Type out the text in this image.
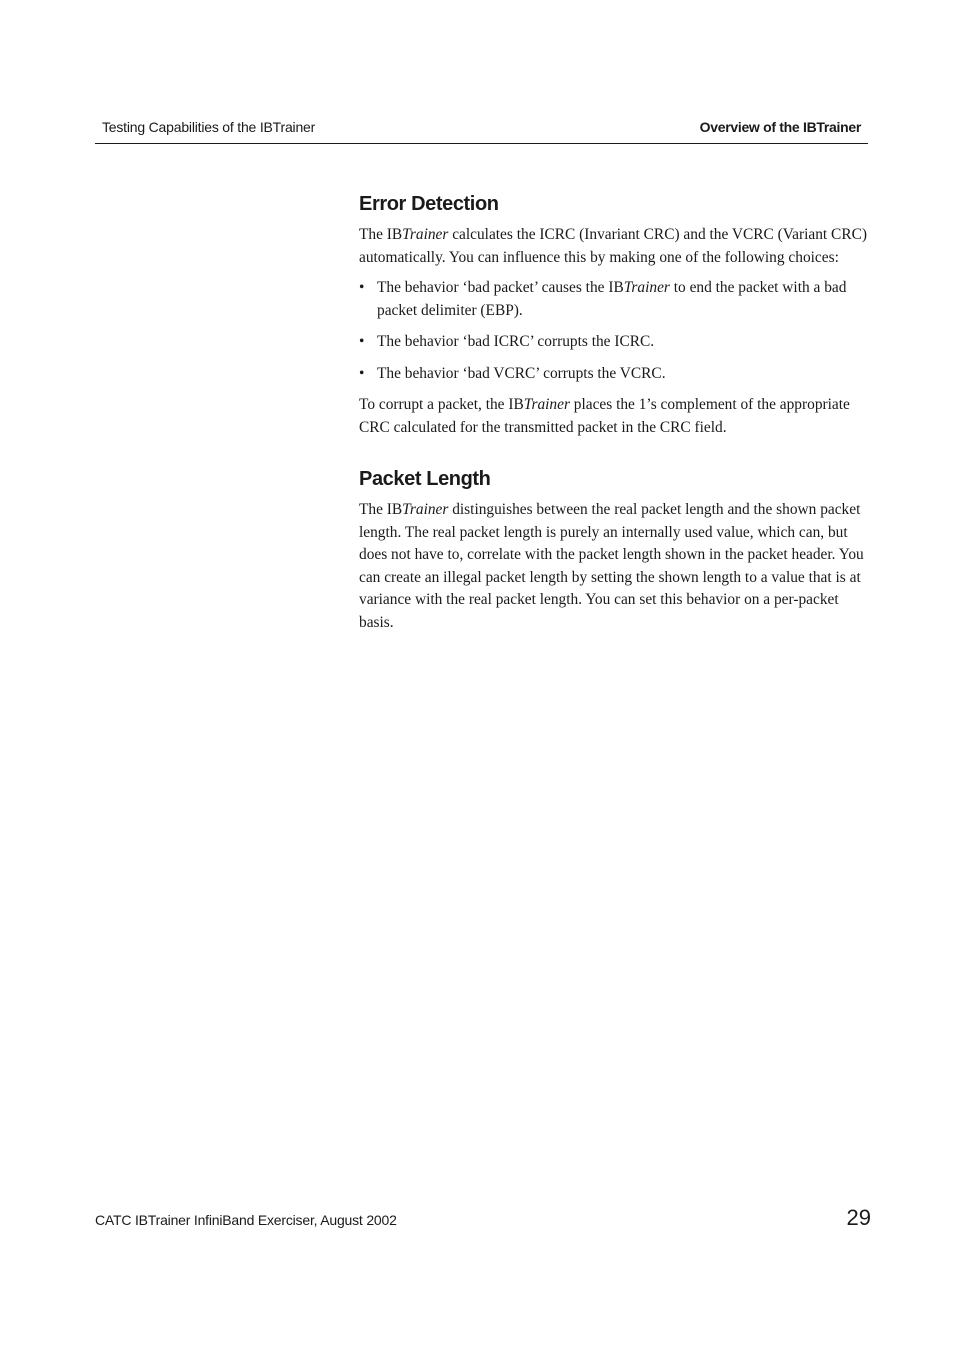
Testing Capabilities of the IBTrainer	Overview of the IBTrainer
Error Detection

The IBTrainer calculates the ICRC (Invariant CRC) and the VCRC (Variant CRC) automatically. You can influence this by making one of the following choices:

• The behavior ‘bad packet’ causes the IBTrainer to end the packet with a bad packet delimiter (EBP).
• The behavior ‘bad ICRC’ corrupts the ICRC.
• The behavior ‘bad VCRC’ corrupts the VCRC.

To corrupt a packet, the IBTrainer places the 1’s complement of the appropriate CRC calculated for the transmitted packet in the CRC field.

Packet Length

The IBTrainer distinguishes between the real packet length and the shown packet length. The real packet length is purely an internally used value, which can, but does not have to, correlate with the packet length shown in the packet header. You can create an illegal packet length by setting the shown length to a value that is at variance with the real packet length. You can set this behavior on a per-packet basis.

CATC IBTrainer InfiniBand Exerciser, August 2002	29
